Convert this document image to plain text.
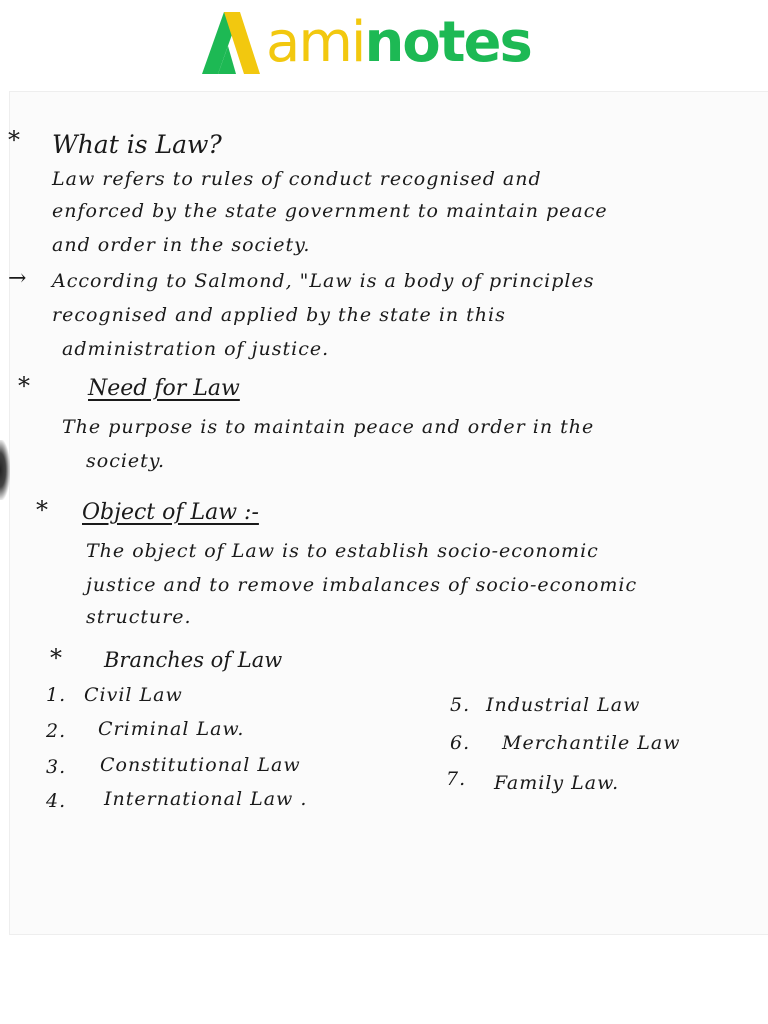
aminotes
* What is Law?
Law refers to rules of conduct recognised and
enforced by the state government to maintain peace
and order in the society.
→ According to Salmond, "Law is a body of principles
recognised and applied by the state in this
administration of justice.
*	Need for Law
The purpose is to maintain peace and order in the
society.
* Object of Law :-
The object of Law is to establish socio-economic
justice and to remove imbalances of socio-economic
structure.
* Branches of Law
1. Civil Law
2. Criminal Law.
3. Constitutional Law
4. International Law .
5. Industrial Law
6. Merchantile Law
7. Family Law.
